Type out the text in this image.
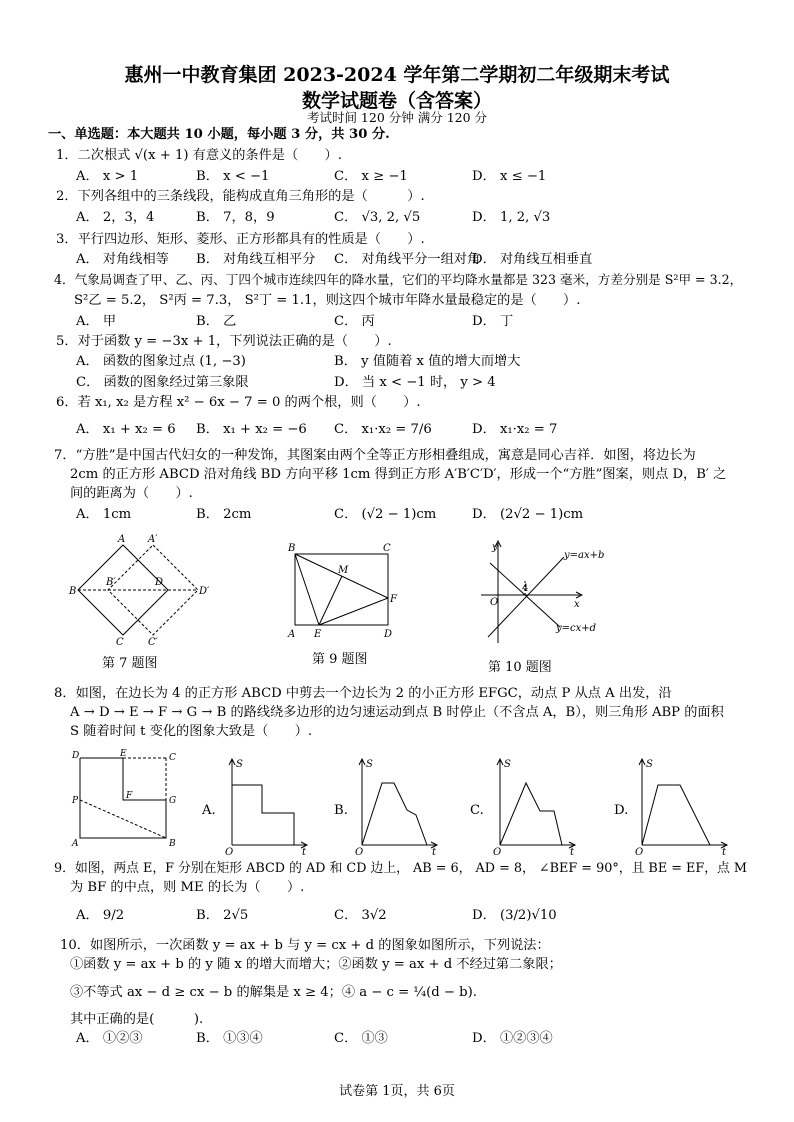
惠州一中教育集团 2023-2024 学年第二学期初二年级期末考试
数学试题卷（含答案）
考试时间 120 分钟 满分 120 分
一、单选题：本大题共 10 小题，每小题 3 分，共 30 分.
1．二次根式 √(x + 1) 有意义的条件是（　　）.
A． x > 1	B． x < −1	C． x ≥ −1	D． x ≤ −1
2．下列各组中的三条线段，能构成直角三角形的是（　　　）.
A． 2，3，4	B． 7，8，9	C． √3, 2, √5	D． 1, 2, √3
3．平行四边形、矩形、菱形、正方形都具有的性质是（　　）.
A． 对角线相等 B． 对角线互相平分 C． 对角线平分一组对角
D． 对角线互相垂直
4．气象局调查了甲、乙、丙、丁四个城市连续四年的降水量，它们的平均降水量都是 323 毫米，方差分别是 S²甲 = 3.2，
S²乙 = 5.2， S²丙 = 7.3， S²丁 = 1.1，则这四个城市年降水量最稳定的是（　　）.
A． 甲	B． 乙	C． 丙	D． 丁
5．对于函数 y = −3x + 1，下列说法正确的是（　　）.
A． 函数的图象过点 (1, −3)	B． y 值随着 x 值的增大而增大
C． 函数的图象经过第三象限	D． 当 x < −1 时， y > 4
6．若 x₁, x₂ 是方程 x² − 6x − 7 = 0 的两个根，则（　　）.
A． x₁ + x₂ = 6 B． x₁ + x₂ = −6 C． x₁·x₂ = 7/6	D． x₁·x₂ = 7
7．“方胜”是中国古代妇女的一种发饰，其图案由两个全等正方形相叠组成，寓意是同心吉祥．如图，将边长为
2cm 的正方形 ABCD 沿对角线 BD 方向平移 1cm 得到正方形 A′B′C′D′，形成一个“方胜”图案，则点 D，B′ 之
间的距离为（　　）.
A． 1cm	B． 2cm	C． (√2 − 1)cm	D． (2√2 − 1)cm
A A′
B
B′	D
D′
C C′
第 7 题图
B	C
M
F
A E	D
第 9 题图
y
x
O
4
y=ax+b
y=cx+d
第 10 题图
8．如图，在边长为 4 的正方形 ABCD 中剪去一个边长为 2 的小正方形 EFGC，动点 P 从点 A 出发，沿
A → D → E → F → G → B 的路线绕多边形的边匀速运动到点 B 时停止（不含点 A，B），则三角形 ABP 的面积
S 随着时间 t 变化的图象大致是（　　）.
D	E	C
F	G
P
A	B
A.
S
t
O
B.
S
t
O
C.
S
t
O
D.
S
t
O
9．如图，两点 E，F 分别在矩形 ABCD 的 AD 和 CD 边上， AB = 6， AD = 8， ∠BEF = 90°，且 BE = EF，点 M
为 BF 的中点，则 ME 的长为（　　）.
A． 9/2	B． 2√5	C． 3√2	D． (3/2)√10
10．如图所示，一次函数 y = ax + b 与 y = cx + d 的图象如图所示，下列说法：
①函数 y = ax + b 的 y 随 x 的增大而增大；②函数 y = ax + d 不经过第二象限；
③不等式 ax − d ≥ cx − b 的解集是 x ≥ 4；④ a − c = ¼(d − b).
其中正确的是(　　　).
A． ①②③	B． ①③④	C． ①③	D． ①②③④
试卷第 1页，共 6页
